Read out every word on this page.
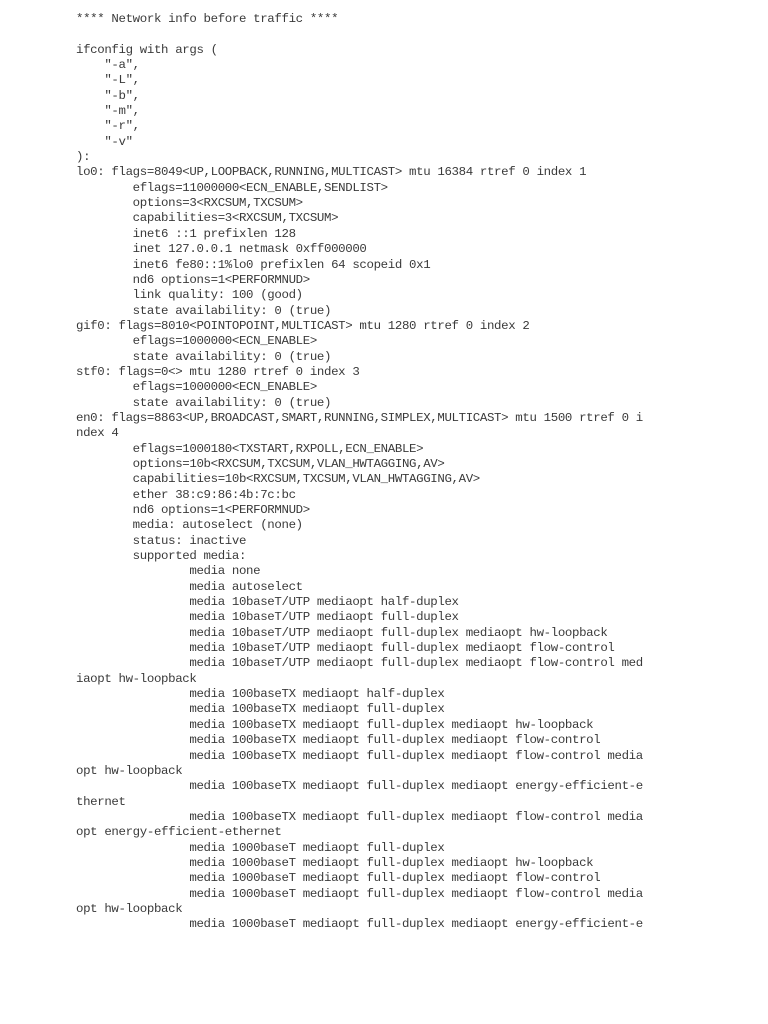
**** Network info before traffic ****

ifconfig with args (
"-a",
"-L",
"-b",
"-m",
"-r",
"-v"
):
lo0: flags=8049<UP,LOOPBACK,RUNNING,MULTICAST> mtu 16384 rtref 0 index 1
eflags=11000000<ECN_ENABLE,SENDLIST>
options=3<RXCSUM,TXCSUM>
capabilities=3<RXCSUM,TXCSUM>
inet6 ::1 prefixlen 128
inet 127.0.0.1 netmask 0xff000000
inet6 fe80::1%lo0 prefixlen 64 scopeid 0x1
nd6 options=1<PERFORMNUD>
link quality: 100 (good)
state availability: 0 (true)
gif0: flags=8010<POINTOPOINT,MULTICAST> mtu 1280 rtref 0 index 2
eflags=1000000<ECN_ENABLE>
state availability: 0 (true)
stf0: flags=0<> mtu 1280 rtref 0 index 3
eflags=1000000<ECN_ENABLE>
state availability: 0 (true)
en0: flags=8863<UP,BROADCAST,SMART,RUNNING,SIMPLEX,MULTICAST> mtu 1500 rtref 0 i
ndex 4
eflags=1000180<TXSTART,RXPOLL,ECN_ENABLE>
options=10b<RXCSUM,TXCSUM,VLAN_HWTAGGING,AV>
capabilities=10b<RXCSUM,TXCSUM,VLAN_HWTAGGING,AV>
ether 38:c9:86:4b:7c:bc
nd6 options=1<PERFORMNUD>
media: autoselect (none)
status: inactive
supported media:
media none
media autoselect
media 10baseT/UTP mediaopt half-duplex
media 10baseT/UTP mediaopt full-duplex
media 10baseT/UTP mediaopt full-duplex mediaopt hw-loopback
media 10baseT/UTP mediaopt full-duplex mediaopt flow-control
media 10baseT/UTP mediaopt full-duplex mediaopt flow-control med
iaopt hw-loopback
media 100baseTX mediaopt half-duplex
media 100baseTX mediaopt full-duplex
media 100baseTX mediaopt full-duplex mediaopt hw-loopback
media 100baseTX mediaopt full-duplex mediaopt flow-control
media 100baseTX mediaopt full-duplex mediaopt flow-control media
opt hw-loopback
media 100baseTX mediaopt full-duplex mediaopt energy-efficient-e
thernet
media 100baseTX mediaopt full-duplex mediaopt flow-control media
opt energy-efficient-ethernet
media 1000baseT mediaopt full-duplex
media 1000baseT mediaopt full-duplex mediaopt hw-loopback
media 1000baseT mediaopt full-duplex mediaopt flow-control
media 1000baseT mediaopt full-duplex mediaopt flow-control media
opt hw-loopback
media 1000baseT mediaopt full-duplex mediaopt energy-efficient-e
